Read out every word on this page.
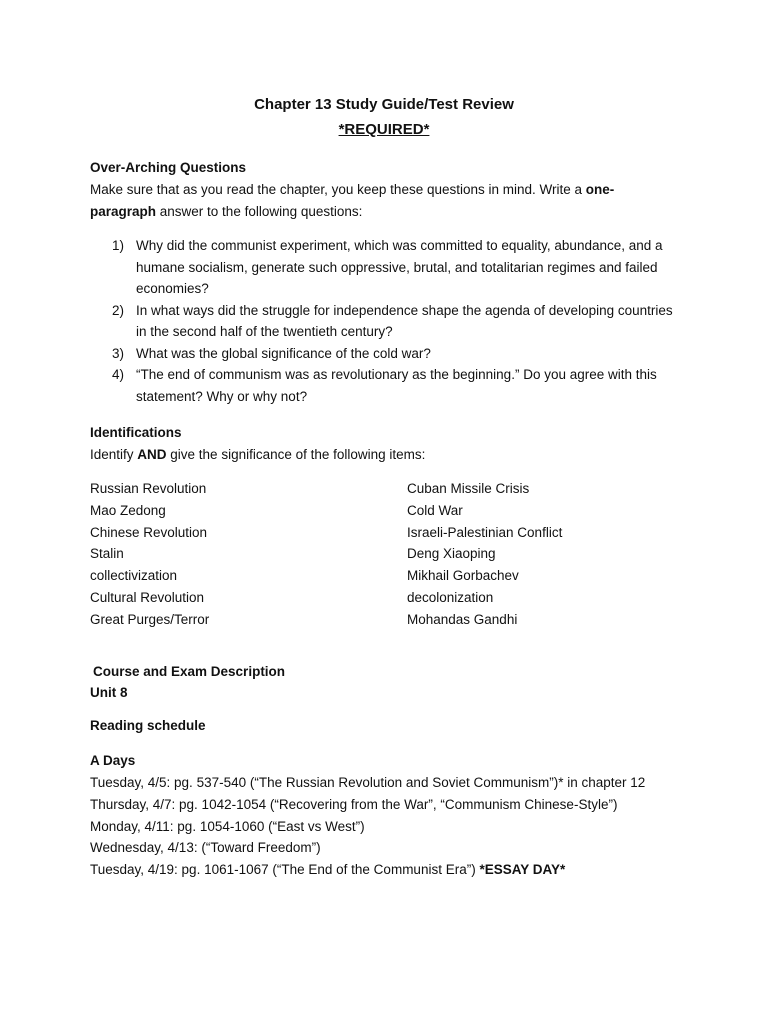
Chapter 13 Study Guide/Test Review
*REQUIRED*
Over-Arching Questions
Make sure that as you read the chapter, you keep these questions in mind. Write a one-
paragraph answer to the following questions:
1) Why did the communist experiment, which was committed to equality, abundance, and a humane socialism, generate such oppressive, brutal, and totalitarian regimes and failed economies?
2) In what ways did the struggle for independence shape the agenda of developing countries in the second half of the twentieth century?
3) What was the global significance of the cold war?
4) “The end of communism was as revolutionary as the beginning.” Do you agree with this statement? Why or why not?
Identifications
Identify AND give the significance of the following items:
Russian Revolution
Mao Zedong
Chinese Revolution
Stalin
collectivization
Cultural Revolution
Great Purges/Terror
Cuban Missile Crisis
Cold War
Israeli-Palestinian Conflict
Deng Xiaoping
Mikhail Gorbachev
decolonization
Mohandas Gandhi
Course and Exam Description
Unit 8
Reading schedule
A Days
Tuesday, 4/5: pg. 537-540 (“The Russian Revolution and Soviet Communism”)* in chapter 12
Thursday, 4/7: pg. 1042-1054 (“Recovering from the War”, “Communism Chinese-Style”)
Monday, 4/11: pg. 1054-1060 (“East vs West”)
Wednesday, 4/13: (“Toward Freedom”)
Tuesday, 4/19: pg. 1061-1067 (“The End of the Communist Era”) *ESSAY DAY*
